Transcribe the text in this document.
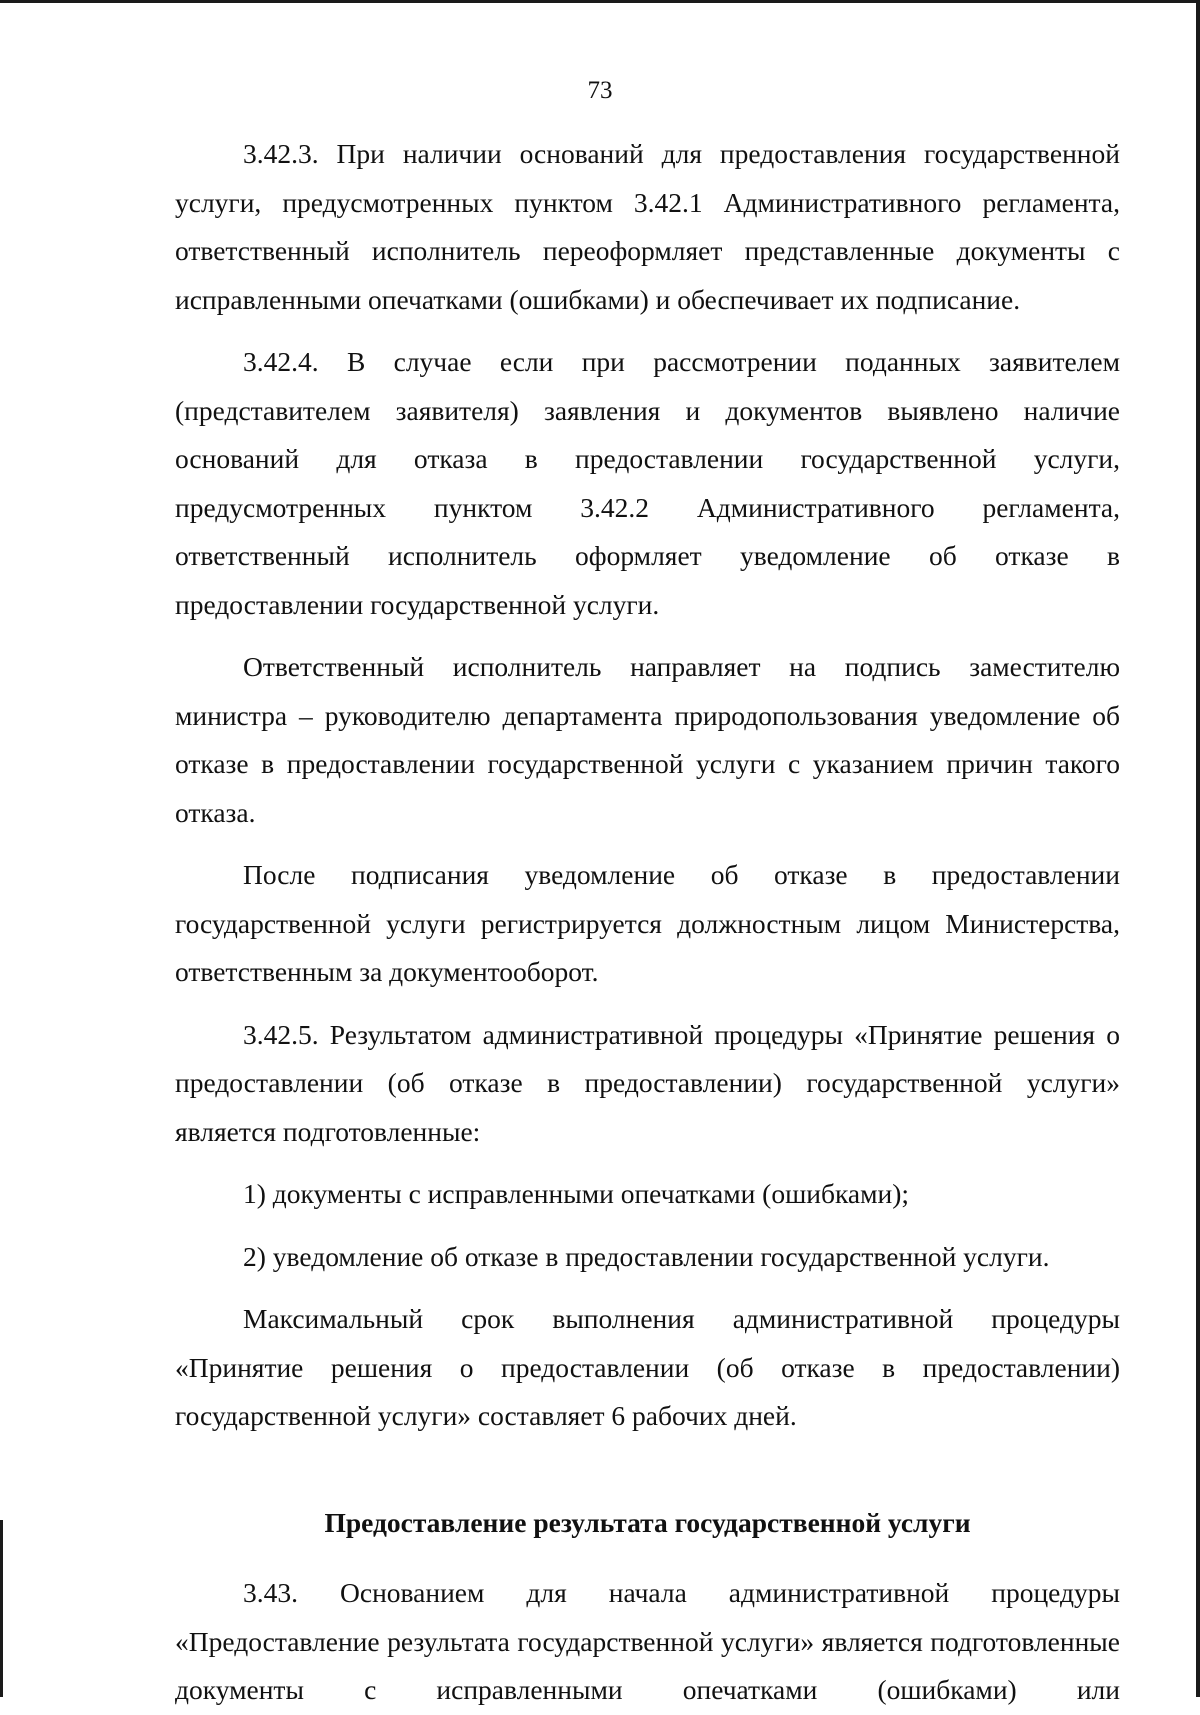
73

3.42.3. При наличии оснований для предоставления государственной услуги, предусмотренных пунктом 3.42.1 Административного регламента, ответственный исполнитель переоформляет представленные документы с исправленными опечатками (ошибками) и обеспечивает их подписание.

3.42.4. В случае если при рассмотрении поданных заявителем (представителем заявителя) заявления и документов выявлено наличие оснований для отказа в предоставлении государственной услуги, предусмотренных пунктом 3.42.2 Административного регламента, ответственный исполнитель оформляет уведомление об отказе в предоставлении государственной услуги.

Ответственный исполнитель направляет на подпись заместителю министра – руководителю департамента природопользования уведомление об отказе в предоставлении государственной услуги с указанием причин такого отказа.

После подписания уведомление об отказе в предоставлении государственной услуги регистрируется должностным лицом Министерства, ответственным за документооборот.

3.42.5. Результатом административной процедуры «Принятие решения о предоставлении (об отказе в предоставлении) государственной услуги» является подготовленные:

1) документы с исправленными опечатками (ошибками);

2) уведомление об отказе в предоставлении государственной услуги.

Максимальный срок выполнения административной процедуры «Принятие решения о предоставлении (об отказе в предоставлении) государственной услуги» составляет 6 рабочих дней.

Предоставление результата государственной услуги

3.43. Основанием для начала административной процедуры «Предоставление результата государственной услуги» является подготовленные документы с исправленными опечатками (ошибками) или
